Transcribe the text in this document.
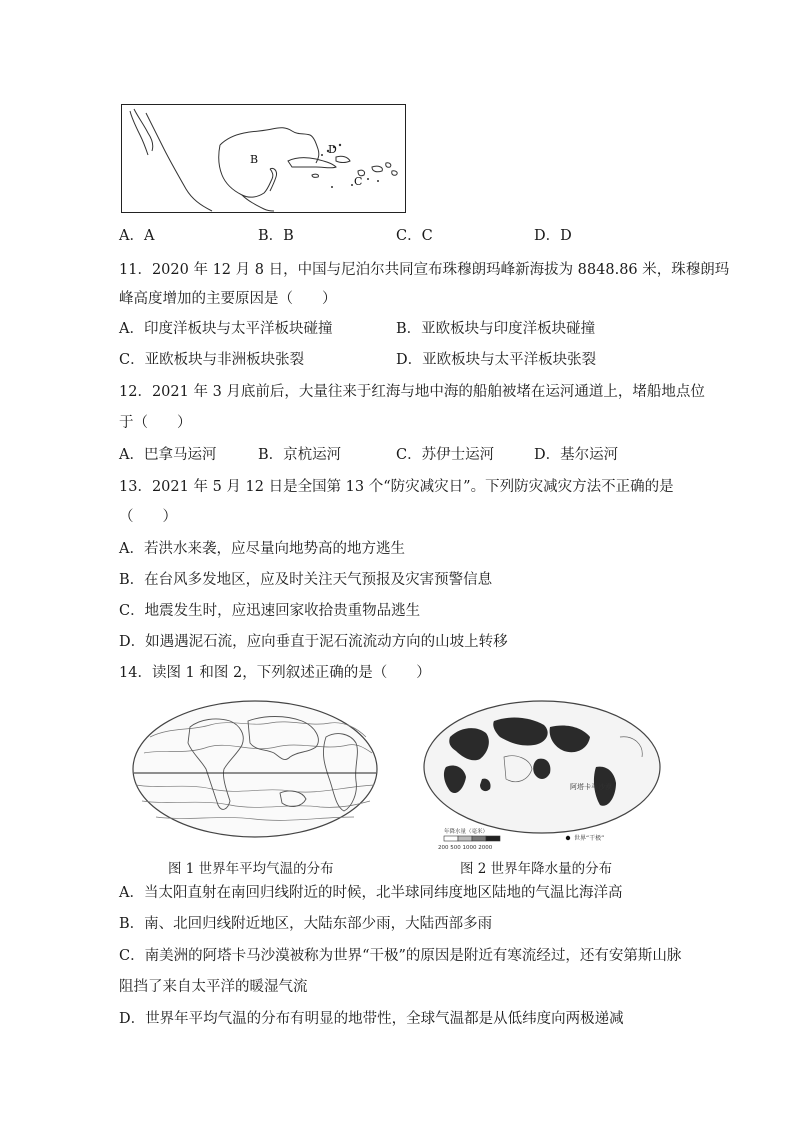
B
D
C
A．A	B．B	C．C	D．D
11．2020 年 12 月 8 日，中国与尼泊尔共同宣布珠穆朗玛峰新海拔为 8848.86 米，珠穆朗玛
峰高度增加的主要原因是（　　）
A．印度洋板块与太平洋板块碰撞	B．亚欧板块与印度洋板块碰撞
C．亚欧板块与非洲板块张裂	D．亚欧板块与太平洋板块张裂
12．2021 年 3 月底前后，大量往来于红海与地中海的船舶被堵在运河通道上，堵船地点位
于（　　）
A．巴拿马运河	B．京杭运河	C．苏伊士运河	D．基尔运河
13．2021 年 5 月 12 日是全国第 13 个“防灾减灾日”。下列防灾减灾方法不正确的是
（　　）
A．若洪水来袭，应尽量向地势高的地方逃生
B．在台风多发地区，应及时关注天气预报及灾害预警信息
C．地震发生时，应迅速回家收拾贵重物品逃生
D．如遇遇泥石流，应向垂直于泥石流流动方向的山坡上转移
14．读图 1 和图 2，下列叙述正确的是（　　）
图 1 世界年平均气温的分布
阿塔卡马沙漠
年降水量（毫米）
200 500 1000 2000
世界“干极”
图 2 世界年降水量的分布
A．当太阳直射在南回归线附近的时候，北半球同纬度地区陆地的气温比海洋高
B．南、北回归线附近地区，大陆东部少雨，大陆西部多雨
C．南美洲的阿塔卡马沙漠被称为世界“干极”的原因是附近有寒流经过，还有安第斯山脉
阻挡了来自太平洋的暖湿气流
D．世界年平均气温的分布有明显的地带性，全球气温都是从低纬度向两极递减
